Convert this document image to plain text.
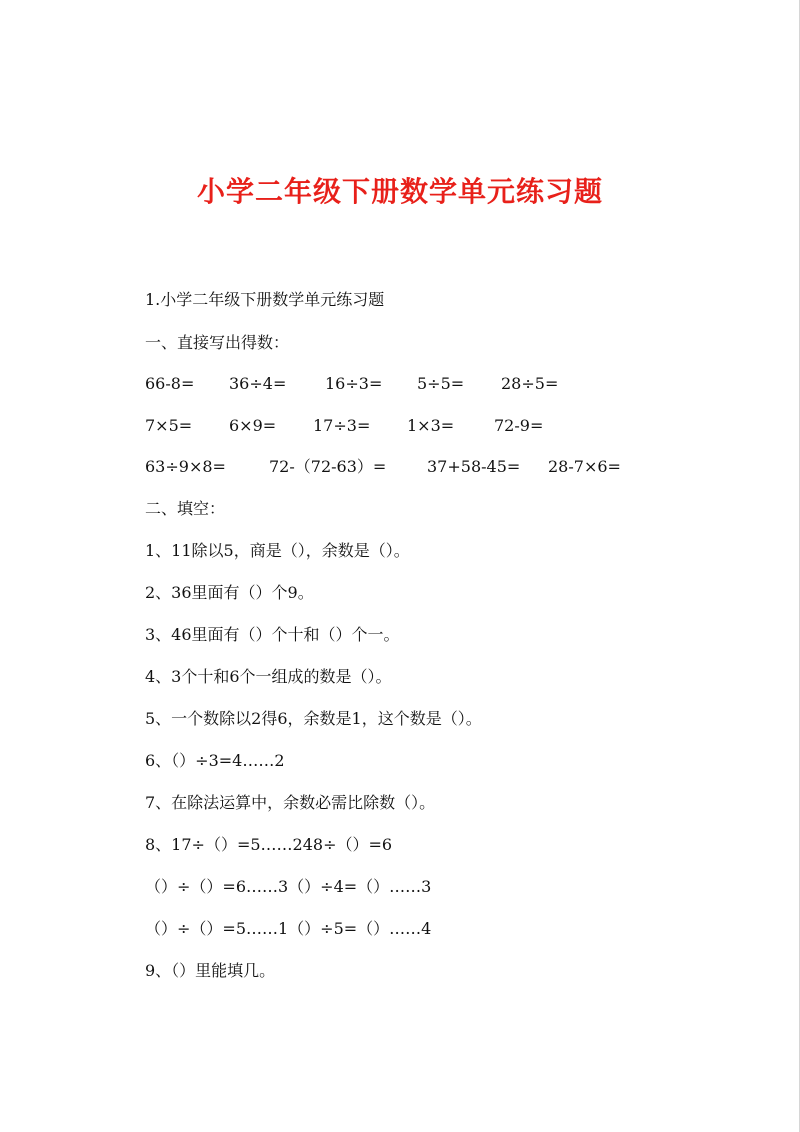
小学二年级下册数学单元练习题
1.小学二年级下册数学单元练习题
一、直接写出得数：
66-8= 36÷4= 16÷3= 5÷5= 28÷5=
7×5= 6×9= 17÷3= 1×3= 72-9=
63÷9×8=	72-（72-63）=	37+58-45= 28-7×6=
二、填空：
1、11除以5，商是（），余数是（）。
2、36里面有（）个9。
3、46里面有（）个十和（）个一。
4、3个十和6个一组成的数是（）。
5、一个数除以2得6，余数是1，这个数是（）。
6、（）÷3=4……2
7、在除法运算中，余数必需比除数（）。
8、17÷（）=5……248÷（）=6
（）÷（）=6……3（）÷4=（）……3
（）÷（）=5……1（）÷5=（）……4
9、（）里能填几。
